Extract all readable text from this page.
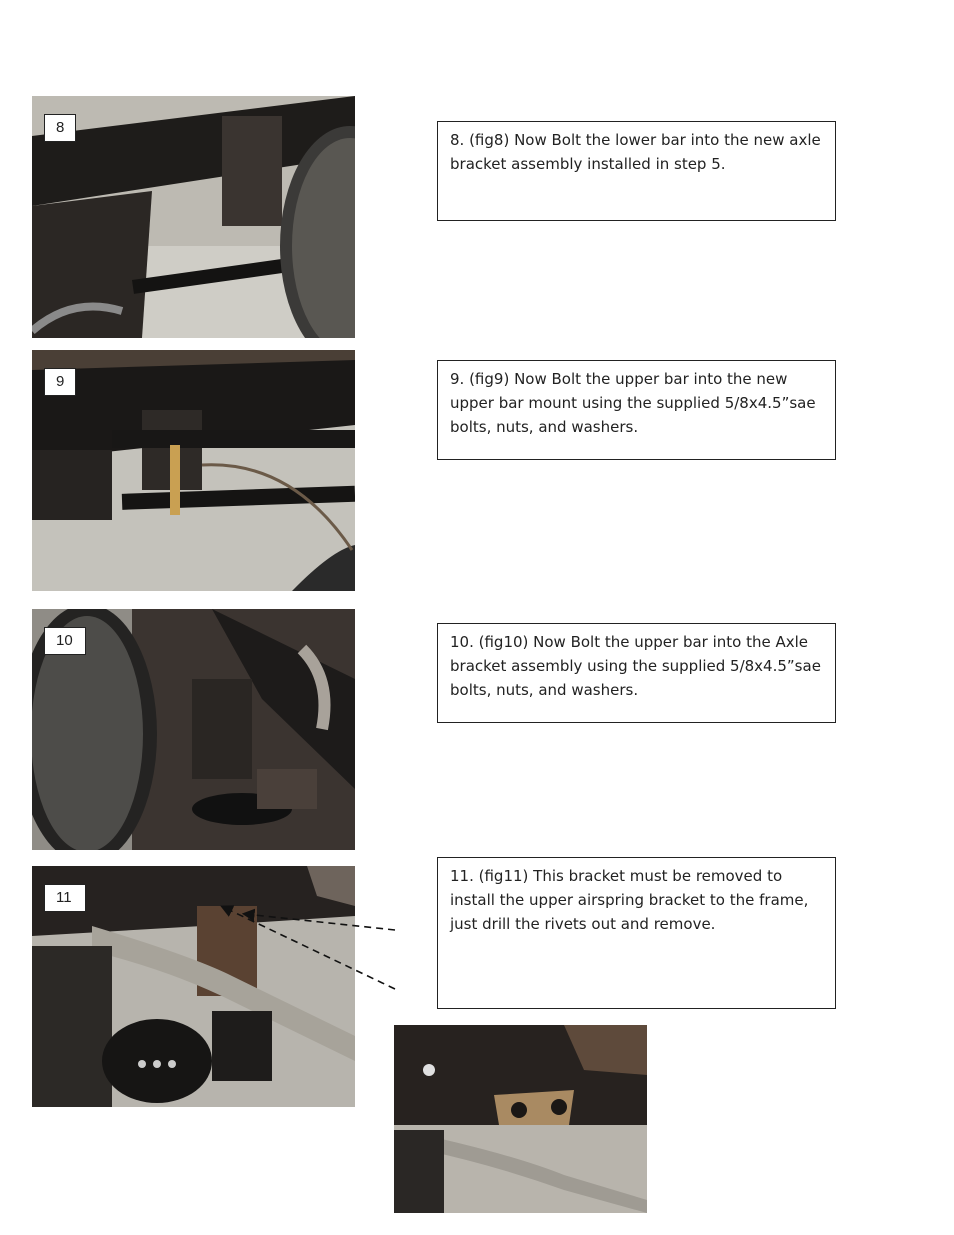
8
9
10
11
8. (fig8) Now Bolt the lower bar into the new axle bracket assembly installed in step 5.
9. (fig9) Now Bolt the upper bar into the new upper bar mount using the supplied 5/8x4.5”sae bolts, nuts, and washers.
10. (fig10) Now Bolt the upper bar into the Axle bracket assembly using the supplied 5/8x4.5”sae bolts, nuts, and washers.
11. (fig11) This bracket must be removed to install the upper airspring bracket to the frame, just drill the rivets out and remove.
